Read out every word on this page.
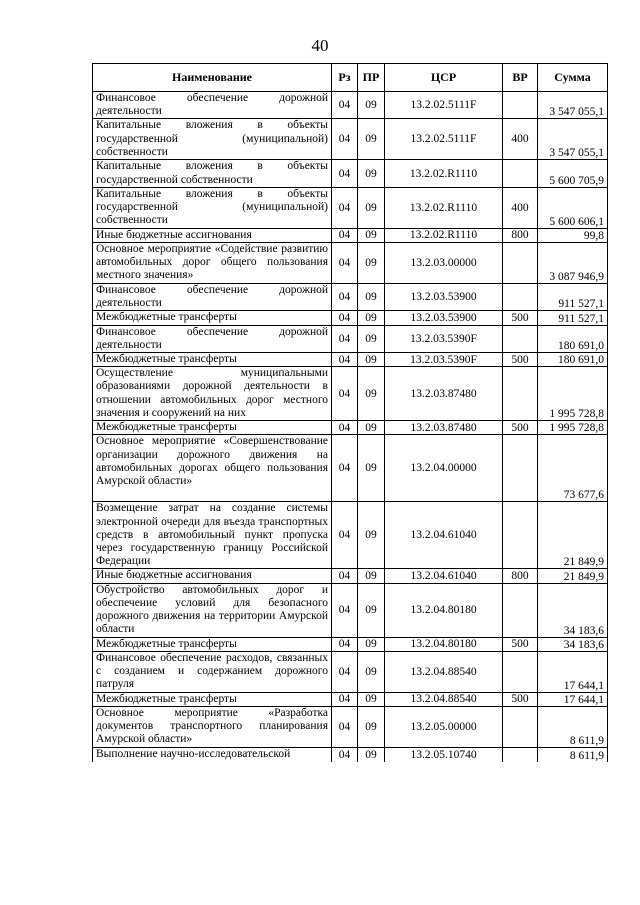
40
Наименование	Рз	ПР	ЦСР	ВР	Сумма
Финансовое обеспечение дорожной деятельности	04	09	13.2.02.5111F		3 547 055,1
Капитальные вложения в объекты государственной (муниципальной) собственности	04	09	13.2.02.5111F	400	3 547 055,1
Капитальные вложения в объекты государственной собственности	04	09	13.2.02.R1110		5 600 705,9
Капитальные вложения в объекты государственной (муниципальной) собственности	04	09	13.2.02.R1110	400	5 600 606,1
Иные бюджетные ассигнования	04	09	13.2.02.R1110	800	99,8
Основное мероприятие «Содействие развитию автомобильных дорог общего пользования местного значения»	04	09	13.2.03.00000		3 087 946,9
Финансовое обеспечение дорожной деятельности	04	09	13.2.03.53900		911 527,1
Межбюджетные трансферты	04	09	13.2.03.53900	500	911 527,1
Финансовое обеспечение дорожной деятельности	04	09	13.2.03.5390F		180 691,0
Межбюджетные трансферты	04	09	13.2.03.5390F	500	180 691,0
Осуществление муниципальными образованиями дорожной деятельности в отношении автомобильных дорог местного значения и сооружений на них	04	09	13.2.03.87480		1 995 728,8
Межбюджетные трансферты	04	09	13.2.03.87480	500	1 995 728,8
Основное мероприятие «Совершенствование организации дорожного движения на автомобильных дорогах общего пользования Амурской области»	04	09	13.2.04.00000		73 677,6
Возмещение затрат на создание системы электронной очереди для въезда транспортных средств в автомобильный пункт пропуска через государственную границу Российской Федерации	04	09	13.2.04.61040		21 849,9
Иные бюджетные ассигнования	04	09	13.2.04.61040	800	21 849,9
Обустройство автомобильных дорог и обеспечение условий для безопасного дорожного движения на территории Амурской области	04	09	13.2.04.80180		34 183,6
Межбюджетные трансферты	04	09	13.2.04.80180	500	34 183,6
Финансовое обеспечение расходов, связанных с созданием и содержанием дорожного патруля	04	09	13.2.04.88540		17 644,1
Межбюджетные трансферты	04	09	13.2.04.88540	500	17 644,1
Основное мероприятие «Разработка документов транспортного планирования Амурской области»	04	09	13.2.05.00000		8 611,9
Выполнение научно-исследовательской	04	09	13.2.05.10740		8 611,9
